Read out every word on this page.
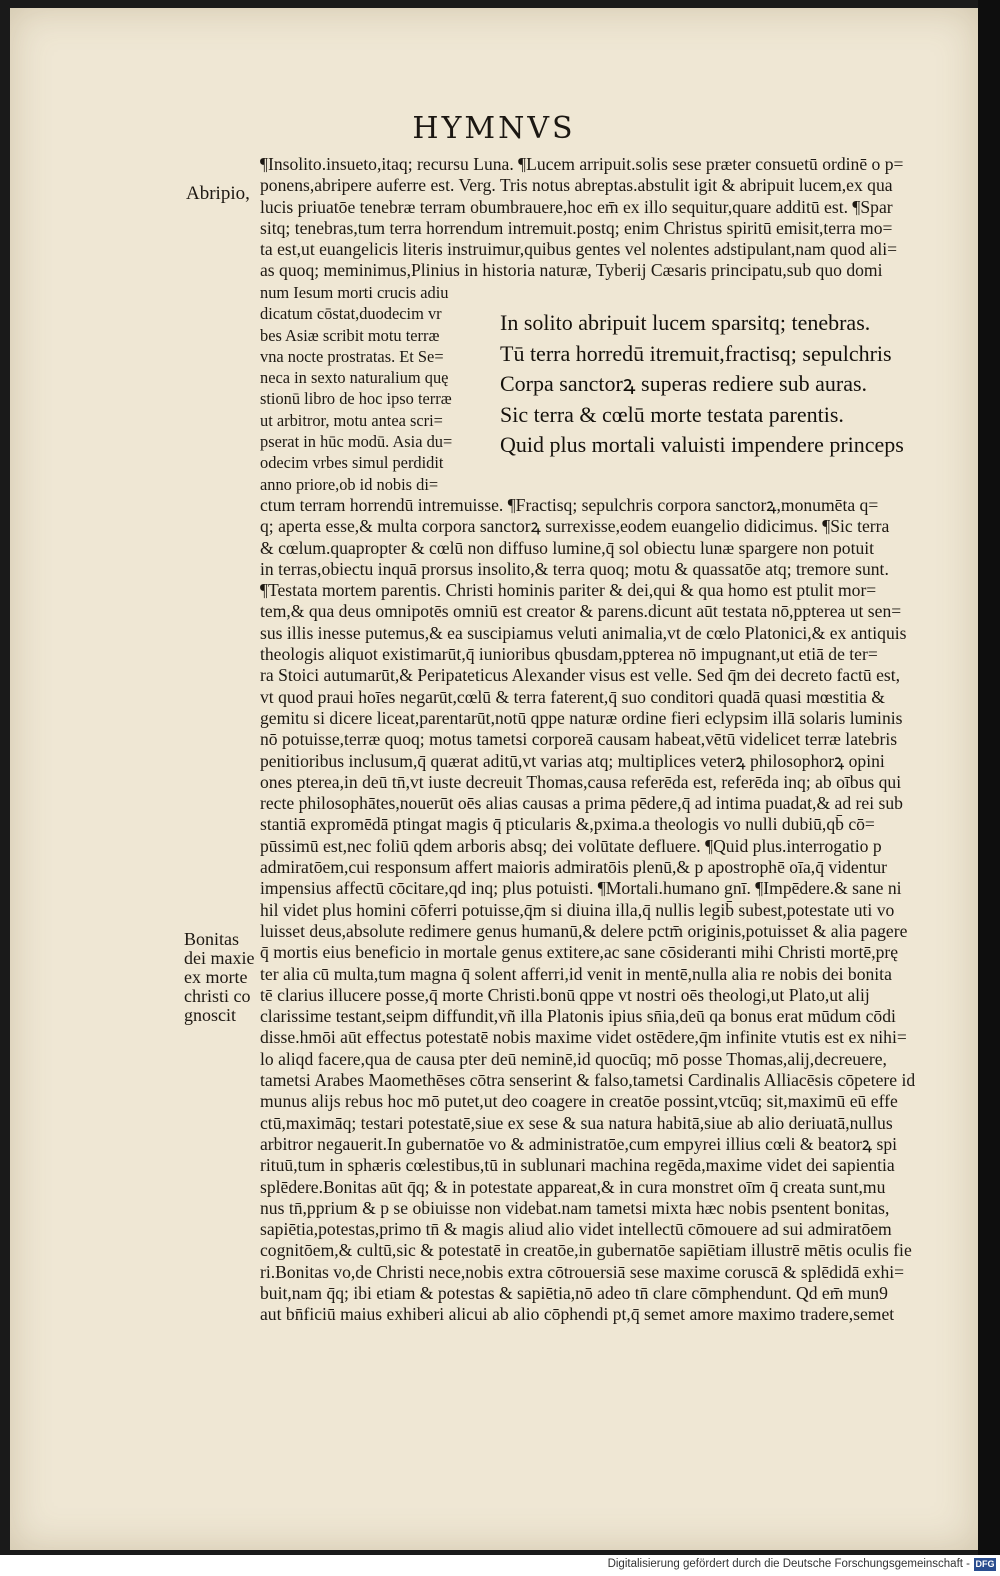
HYMNVS
Abripio,
¶Insolito.insueto,itaq; recursu Luna. ¶Lucem arripuit.solis sese præter consuetū ordinē o p=
ponens,abripere auferre est. Verg. Tris notus abreptas.abstulit igit & abripuit lucem,ex qua
lucis priuatōe tenebræ terram obumbrauere,hoc em̄ ex illo sequitur,quare additū est. ¶Spar
sitq; tenebras,tum terra horrendum intremuit.postq; enim Christus spiritū emisit,terra mo=
ta est,ut euangelicis literis instruimur,quibus gentes vel nolentes adstipulant,nam quod ali=
as quoq; meminimus,Plinius in historia naturæ, Tyberij Cæsaris principatu,sub quo domi
num Iesum morti crucis adiu
dicatum cōstat,duodecim vr
bes Asiæ scribit motu terræ
vna nocte prostratas. Et Se=
neca in sexto naturalium quę
stionū libro de hoc ipso terræ
ut arbitror, motu antea scri=
pserat in hūc modū. Asia du=
odecim vrbes simul perdidit
anno priore,ob id nobis di=
In solito abripuit lucem sparsitq; tenebras.
Tū terra horredū itremuit,fractisq; sepulchris
Corpa sanctorꝝ superas rediere sub auras.
Sic terra & cœlū morte testata parentis.
Quid plus mortali valuisti impendere princeps
ctum terram horrendū intremuisse. ¶Fractisq; sepulchris corpora sanctorꝝ,monumēta q=
q; aperta esse,& multa corpora sanctorꝝ surrexisse,eodem euangelio didicimus. ¶Sic terra
& cœlum.quapropter & cœlū non diffuso lumine,q̄ sol obiectu lunæ spargere non potuit
in terras,obiectu inquā prorsus insolito,& terra quoq; motu & quassatōe atq; tremore sunt.
¶Testata mortem parentis. Christi hominis pariter & dei,qui & qua homo est ptulit mor=
tem,& qua deus omnipotēs omniū est creator & parens.dicunt aūt testata nō,ppterea ut sen=
sus illis inesse putemus,& ea suscipiamus veluti animalia,vt de cœlo Platonici,& ex antiquis
theologis aliquot existimarūt,q̄ iunioribus qbusdam,ppterea nō impugnant,ut etiā de ter=
ra Stoici autumarūt,& Peripateticus Alexander visus est velle. Sed q̄m dei decreto factū est,
vt quod praui hoīes negarūt,cœlū & terra faterent,q̄ suo conditori quadā quasi mœstitia &
gemitu si dicere liceat,parentarūt,notū qppe naturæ ordine fieri eclypsim illā solaris luminis
nō potuisse,terræ quoq; motus tametsi corporeā causam habeat,vētū videlicet terræ latebris
penitioribus inclusum,q̄ quærat aditū,vt varias atq; multiplices veterꝝ philosophorꝝ opini
ones pterea,in deū tn̄,vt iuste decreuit Thomas,causa referēda est, referēda inq; ab oībus qui
recte philosophātes,nouerūt oēs alias causas a prima pēdere,q̄ ad intima puadat,& ad rei sub
stantiā expromēdā ptingat magis q̄ pticularis &,pxima.a theologis vo nulli dubiū,qb̄ cō=
pūssimū est,nec foliū qdem arboris absq; dei volūtate defluere. ¶Quid plus.interrogatio p
admiratōem,cui responsum affert maioris admiratōis plenū,& p apostrophē oīa,q̄ videntur
impensius affectū cōcitare,qd inq; plus potuisti. ¶Mortali.humano gnī. ¶Impēdere.& sane ni
hil videt plus homini cōferri potuisse,q̄m si diuina illa,q̄ nullis legib̄ subest,potestate uti vo
luisset deus,absolute redimere genus humanū,& delere pctm̄ originis,potuisset & alia pagere
q̄ mortis eius beneficio in mortale genus extitere,ac sane cōsideranti mihi Christi mortē,prę
ter alia cū multa,tum magna q̄ solent afferri,id venit in mentē,nulla alia re nobis dei bonita
tē clarius illucere posse,q̄ morte Christi.bonū qppe vt nostri oēs theologi,ut Plato,ut alij
clarissime testant,seipm diffundit,vñ illa Platonis ipius sn̄ia,deū qa bonus erat mūdum cōdi
disse.hmōi aūt effectus potestatē nobis maxime videt ostēdere,q̄m infinite vtutis est ex nihi=
lo aliqd facere,qua de causa pter deū neminē,id quocūq; mō posse Thomas,alij,decreuere,
tametsi Arabes Maomethēses cōtra senserint & falso,tametsi Cardinalis Alliacēsis cōpetere id
munus alijs rebus hoc mō putet,ut deo coagere in creatōe possint,vtcūq; sit,maximū eū effe
ctū,maximāq; testari potestatē,siue ex sese & sua natura habitā,siue ab alio deriuatā,nullus
arbitror negauerit.In gubernatōe vo & administratōe,cum empyrei illius cœli & beatorꝝ spi
rituū,tum in sphæris cœlestibus,tū in sublunari machina regēda,maxime videt dei sapientia
splēdere.Bonitas aūt q̄q; & in potestate appareat,& in cura monstret oīm q̄ creata sunt,mu
nus tn̄,pprium & p se obiuisse non videbat.nam tametsi mixta hæc nobis psentent bonitas,
sapiētia,potestas,primo tn̄ & magis aliud alio videt intellectū cōmouere ad sui admiratōem
cognitōem,& cultū,sic & potestatē in creatōe,in gubernatōe sapiētiam illustrē mētis oculis fie
ri.Bonitas vo,de Christi nece,nobis extra cōtrouersiā sese maxime coruscā & splēdidā exhi=
buit,nam q̄q; ibi etiam & potestas & sapiētia,nō adeo tn̄ clare cōmphendunt. Qd em̄ mun9
aut bn̄ficiū maius exhiberi alicui ab alio cōphendi pt,q̄ semet amore maximo tradere,semet
Bonitas
dei maxie
ex morte
christi co
gnoscit
Digitalisierung gefördert durch die Deutsche Forschungsgemeinschaft - DFG
